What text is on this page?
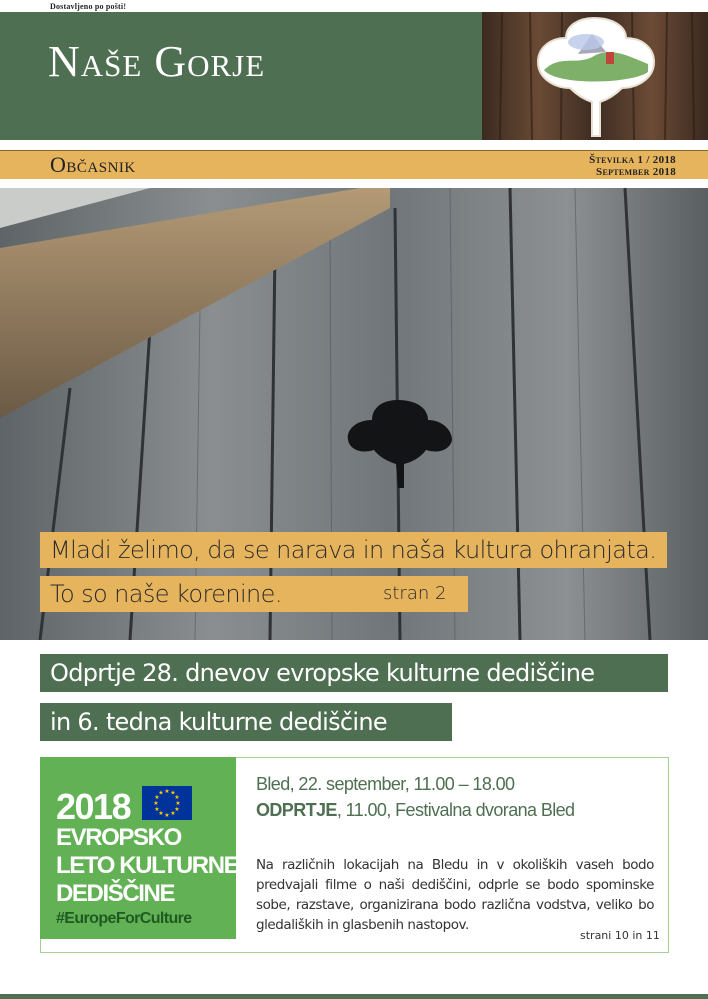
Dostavljeno po pošti!
Naše Gorje
Občasnik	Številka 1 / 2018
September 2018
Mladi želimo, da se narava in naša kultura ohranjata.
To so naše korenine.	stran 2
Odprtje 28. dnevov evropske kulturne dediščine
in 6. tedna kulturne dediščine
2018	★ ★
★
★
★
★
★
★
★
★
★
★
EVROPSKO
LETO KULTURNE
DEDIŠČINE
#EuropeForCulture
Bled, 22. september, 11.00 – 18.00
ODPRTJE, 11.00, Festivalna dvorana Bled
Na različnih lokacijah na Bledu in v okoliških vaseh bodo predvajali filme o naši dediščini, odprle se bodo spominske sobe, razstave, organizirana bodo različna vodstva, veliko bo gledaliških in glasbenih nastopov.
strani 10 in 11
